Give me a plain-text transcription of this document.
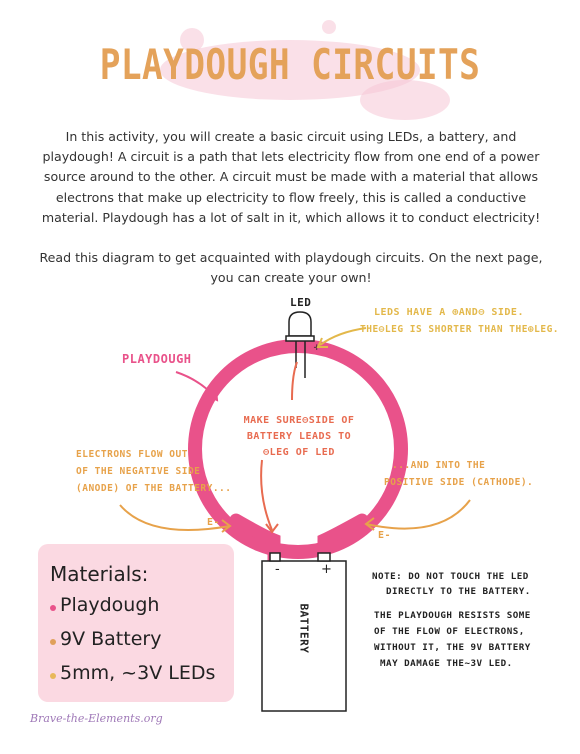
PLAYDOUGH CIRCUITS
In this activity, you will create a basic circuit using LEDs, a battery, and playdough! A circuit is a path that lets electricity flow from one end of a power source around to the other. A circuit must be made with a material that allows electrons that make up electricity to flow freely, this is called a conductive material. Playdough has a lot of salt in it, which allows it to conduct electricity!
Read this diagram to get acquainted with playdough circuits. On the next page, you can create your own!
+
LED
LEDS HAVE A ⊕AND⊖ SIDE.
THE⊖LEG IS SHORTER THAN THE⊕LEG.
PLAYDOUGH
MAKE SURE⊖SIDE OF
BATTERY LEADS TO
⊖LEG OF LED
ELECTRONS FLOW OUT
OF THE NEGATIVE SIDE
(ANODE) OF THE BATTERY...
...AND INTO THE
POSITIVE SIDE (CATHODE).
E-
E-
-	+
BATTERY
NOTE: DO NOT TOUCH THE LED
DIRECTLY TO THE BATTERY.
THE PLAYDOUGH RESISTS SOME
OF THE FLOW OF ELECTRONS,
WITHOUT IT, THE 9V BATTERY
MAY DAMAGE THE~3V LED.
Materials:
Playdough
9V Battery
5mm, ~3V LEDs
Brave-the-Elements.org
